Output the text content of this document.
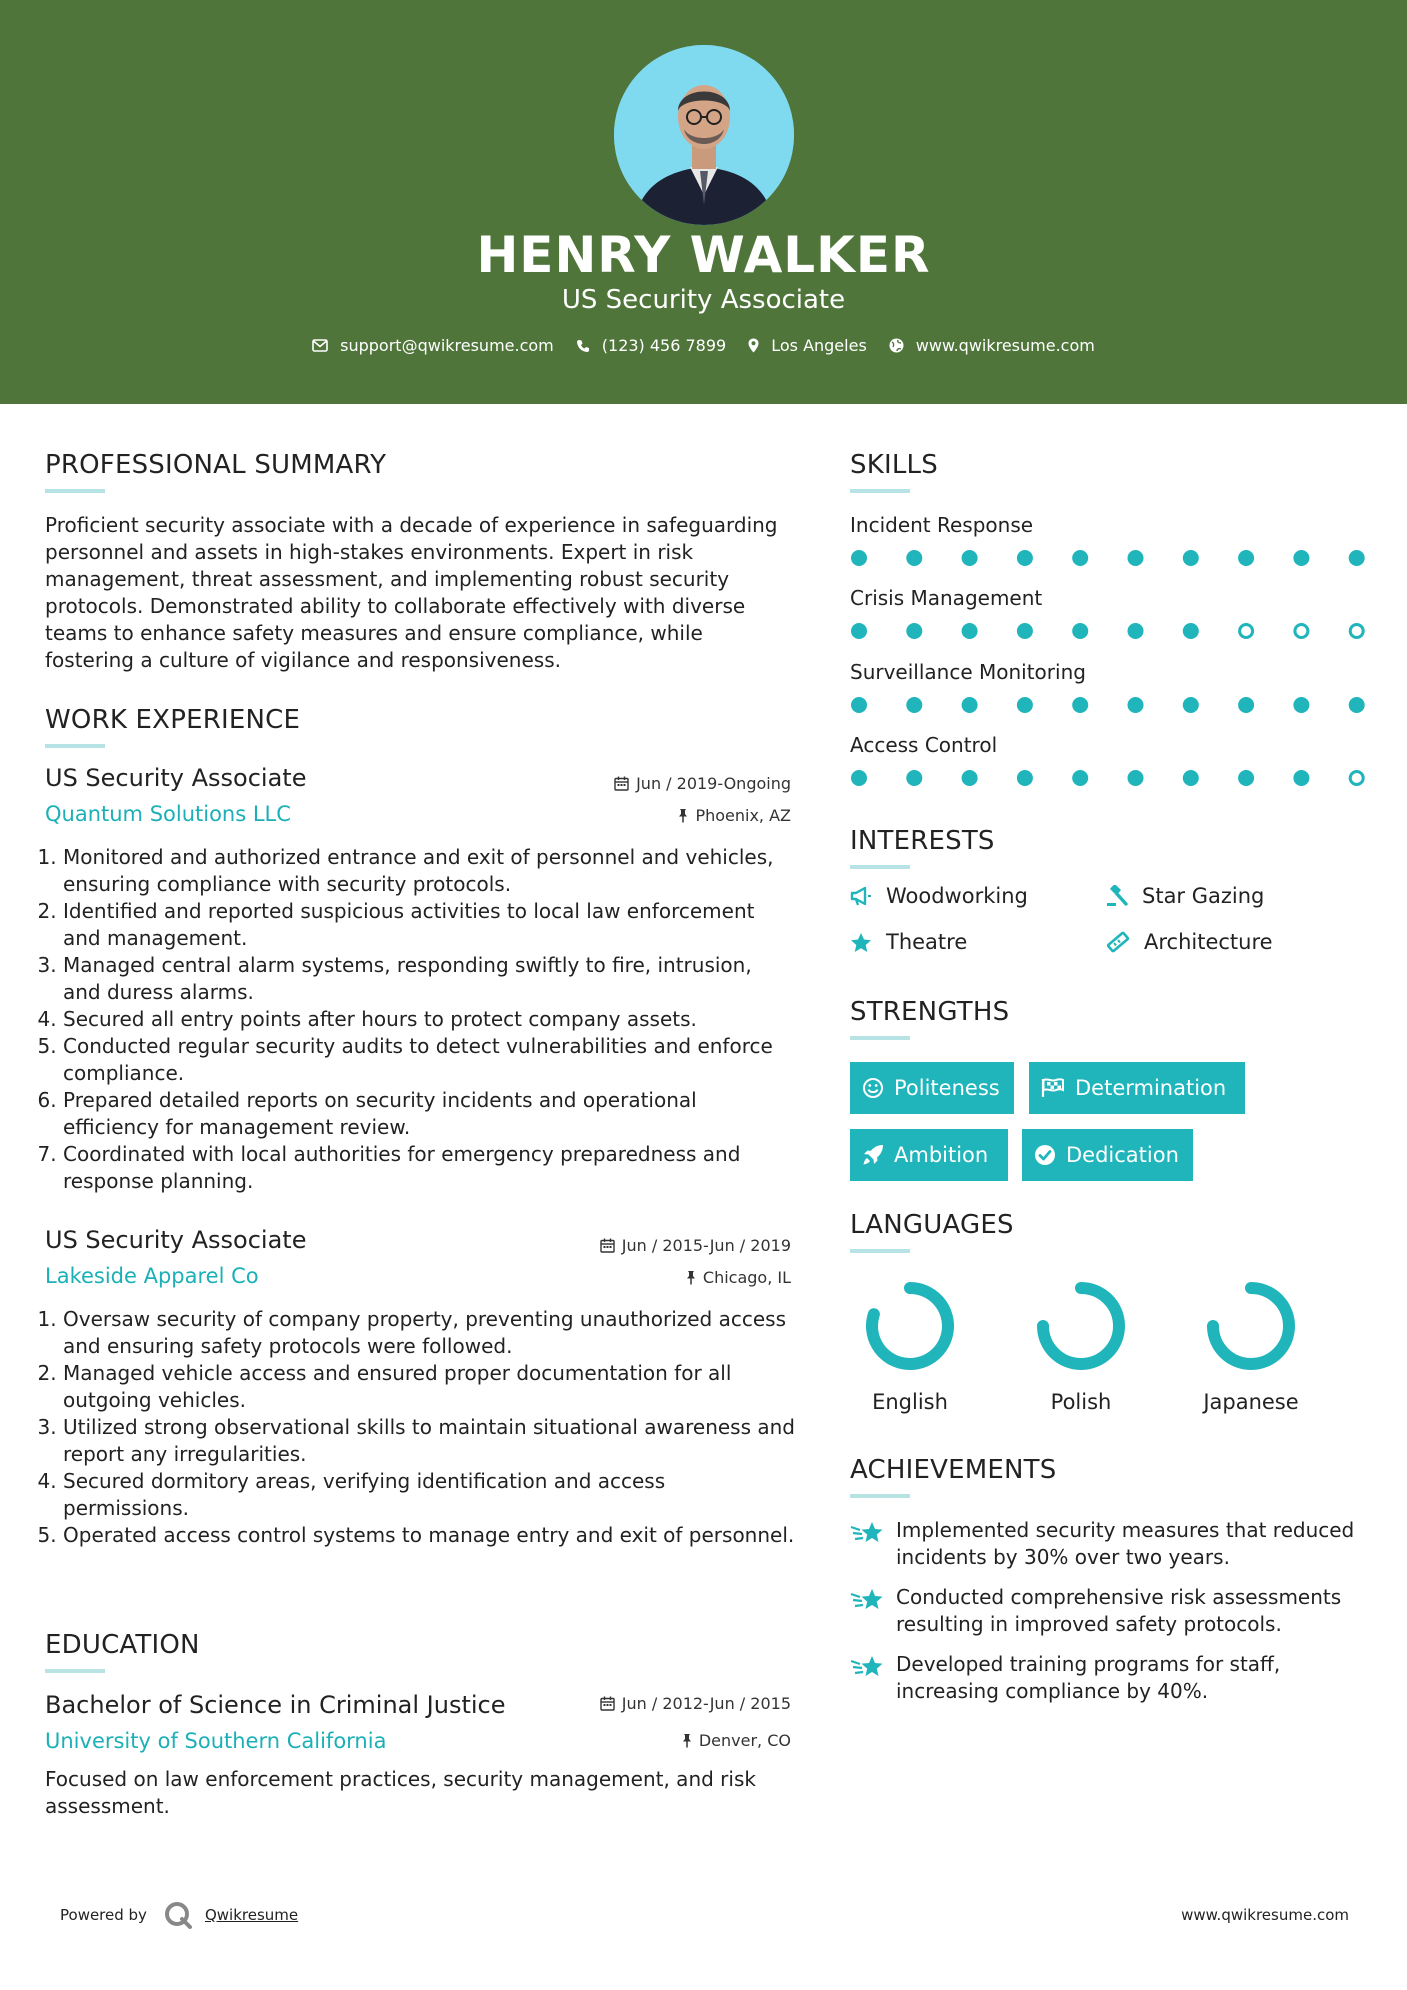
HENRY WALKER
US Security Associate
support@qwikresume.com	(123) 456 7899	Los Angeles	www.qwikresume.com
PROFESSIONAL SUMMARY
Proficient security associate with a decade of experience in safeguarding personnel and assets in high-stakes environments. Expert in risk management, threat assessment, and implementing robust security protocols. Demonstrated ability to collaborate effectively with diverse teams to enhance safety measures and ensure compliance, while fostering a culture of vigilance and responsiveness.
WORK EXPERIENCE
US Security Associate	Jun / 2019-Ongoing
Quantum Solutions LLC	Phoenix, AZ
1. Monitored and authorized entrance and exit of personnel and vehicles, ensuring compliance with security protocols.
2. Identified and reported suspicious activities to local law enforcement and management.
3. Managed central alarm systems, responding swiftly to fire, intrusion, and duress alarms.
4. Secured all entry points after hours to protect company assets.
5. Conducted regular security audits to detect vulnerabilities and enforce compliance.
6. Prepared detailed reports on security incidents and operational efficiency for management review.
7. Coordinated with local authorities for emergency preparedness and response planning.
US Security Associate	Jun / 2015-Jun / 2019
Lakeside Apparel Co	Chicago, IL
1. Oversaw security of company property, preventing unauthorized access and ensuring safety protocols were followed.
2. Managed vehicle access and ensured proper documentation for all outgoing vehicles.
3. Utilized strong observational skills to maintain situational awareness and report any irregularities.
4. Secured dormitory areas, verifying identification and access permissions.
5. Operated access control systems to manage entry and exit of personnel.
EDUCATION
Bachelor of Science in Criminal Justice	Jun / 2012-Jun / 2015
University of Southern California	Denver, CO
Focused on law enforcement practices, security management, and risk assessment.
SKILLS
Incident Response
Crisis Management
Surveillance Monitoring
Access Control
INTERESTS
Woodworking	Star Gazing
Theatre	Architecture
STRENGTHS
Politeness	Determination
Ambition	Dedication
LANGUAGES
English	Polish	Japanese
ACHIEVEMENTS
Implemented security measures that reduced incidents by 30% over two years.
Conducted comprehensive risk assessments resulting in improved safety protocols.
Developed training programs for staff, increasing compliance by 40%.
Powered by	Qwikresume	www.qwikresume.com
